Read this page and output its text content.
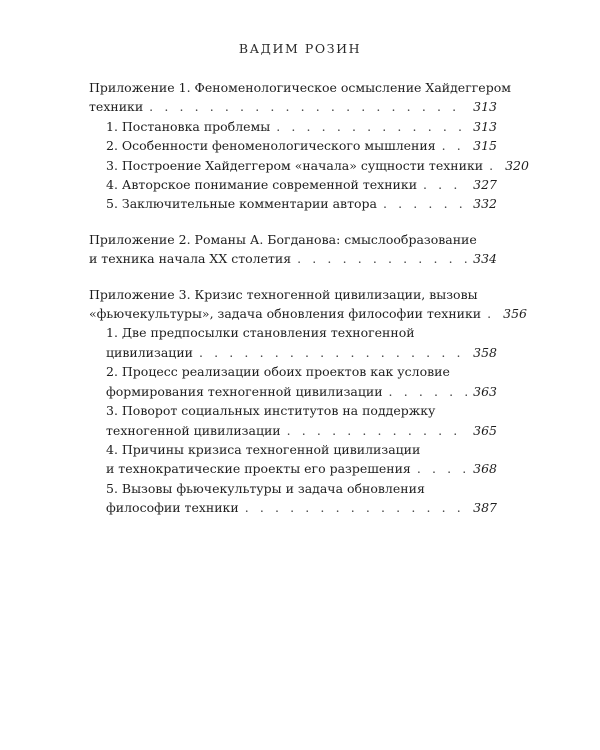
ВАДИМ РОЗИН
Приложение 1. Феноменологическое осмысление Хайдеггером
техники . . .	313
1. Постановка проблемы . . .	313
2. Особенности феноменологического мышления . . .	315
3. Построение Хайдеггером «начала» сущности техники . . . 320
4. Авторское понимание современной техники . . .	327
5. Заключительные комментарии автора . . .	332
Приложение 2. Романы А. Богданова: смыслообразование
и техника начала XX столетия . . .	334
Приложение 3. Кризис техногенной цивилизации, вызовы
«фьючекультуры», задача обновления философии техники . . . 356
1. Две предпосылки становления техногенной
цивилизации . . .	358
2. Процесс реализации обоих проектов как условие
формирования техногенной цивилизации . . .	363
3. Поворот социальных институтов на поддержку
техногенной цивилизации . . .	365
4. Причины кризиса техногенной цивилизации
и технократические проекты его разрешения . . .	368
5. Вызовы фьючекультуры и задача обновления
философии техники . . .	387
